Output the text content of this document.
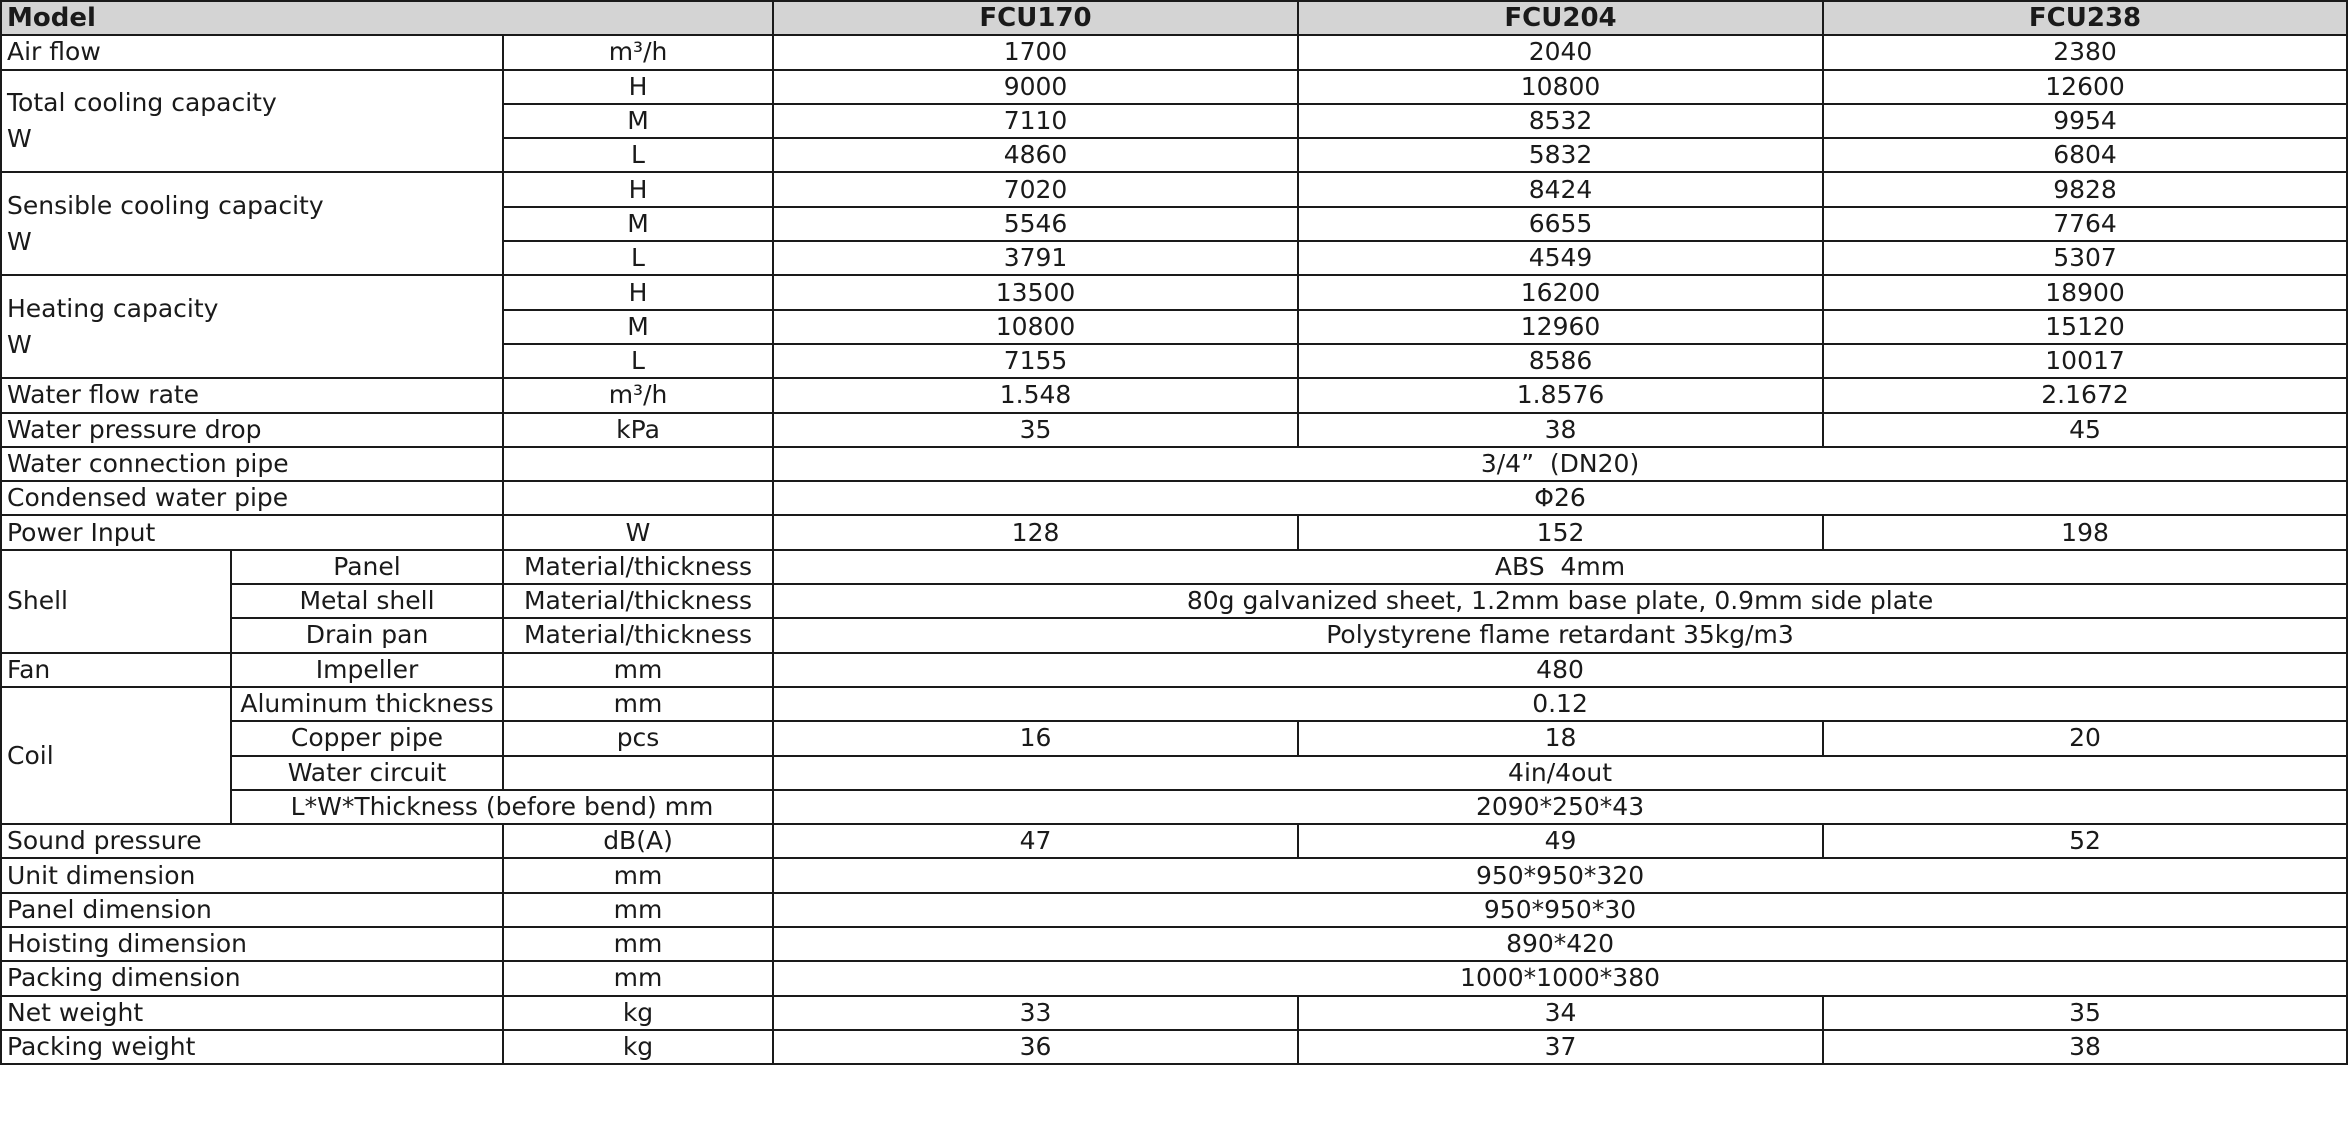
Model			FCU170	FCU204	FCU238
Air flow		m³/h	1700	2040	2380

Total cooling capacity
W		H	9000	10800	12600
		M	7110	8532	9954
		L	4860	5832	6804

Sensible cooling capacity
W		H	7020	8424	9828
		M	5546	6655	7764
		L	3791	4549	5307

Heating capacity
W		H	13500	16200	18900
		M	10800	12960	15120
		L	7155	8586	10017
Water flow rate		m³/h	1.548	1.8576	2.1672
Water pressure drop		kPa	35	38	45
Water connection pipe			3/4”  (DN20)		
Condensed water pipe			Φ26		
Power Input		W	128	152	198
Shell	Panel	Material/thickness	ABS  4mm		
	Metal shell	Material/thickness	80g galvanized sheet, 1.2mm base plate, 0.9mm side plate		
	Drain pan	Material/thickness	Polystyrene flame retardant 35kg/m3		
Fan	Impeller	mm	480		
Coil	Aluminum thickness	mm	0.12		
	Copper pipe	pcs	16	18	20
	Water circuit		4in/4out		
	L*W*Thickness (before bend) mm		2090*250*43		
Sound pressure		dB(A)	47	49	52
Unit dimension		mm	950*950*320		
Panel dimension		mm	950*950*30		
Hoisting dimension		mm	890*420		
Packing dimension		mm	1000*1000*380		
Net weight		kg	33	34	35
Packing weight		kg	36	37	38
